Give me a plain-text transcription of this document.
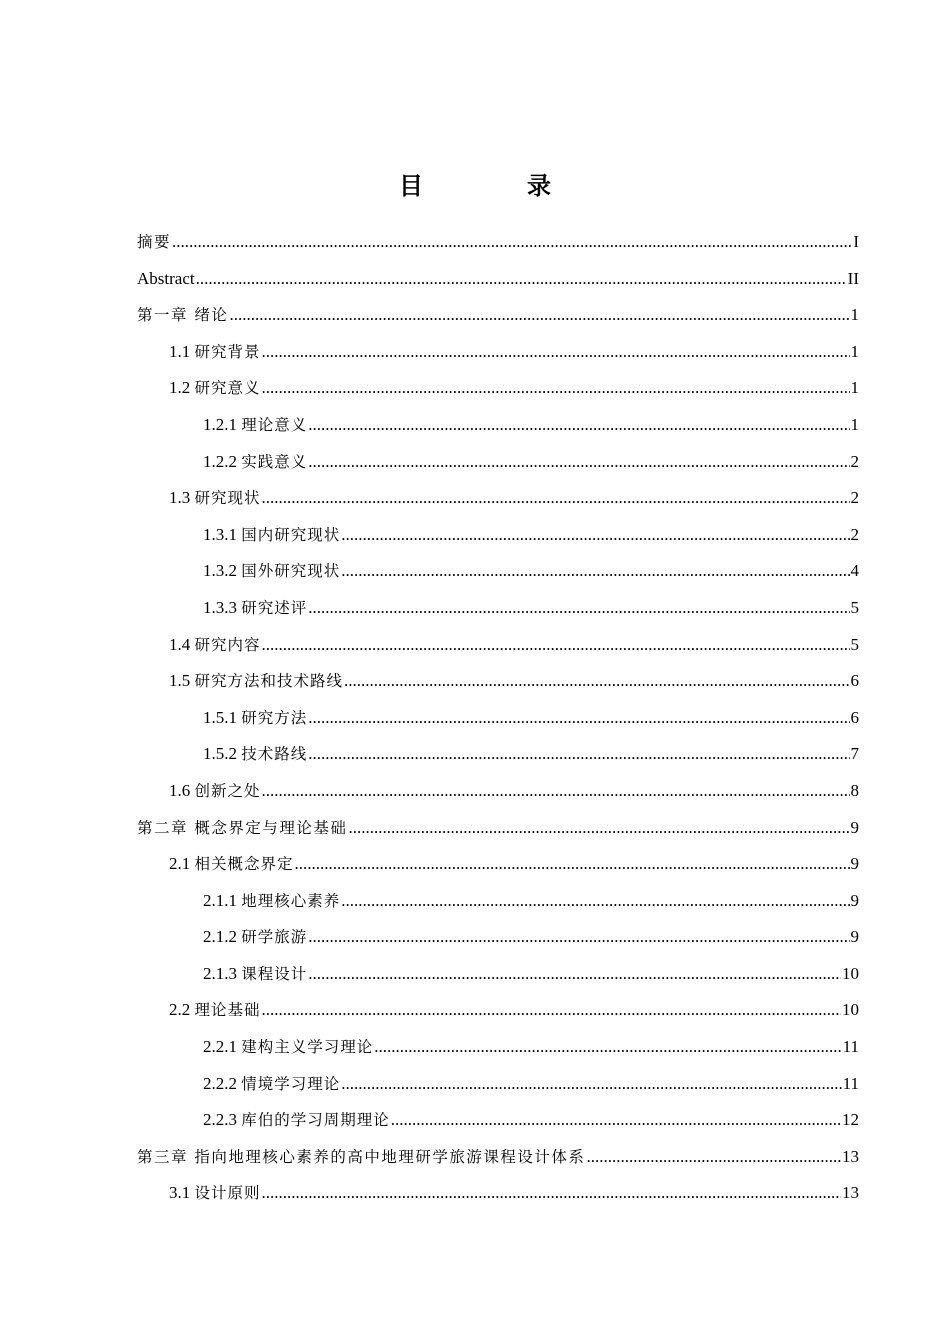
目　录
摘要 .....	I
Abstract .....	II
第一章 绪论 .....	1
1.1 研究背景 .....	1
1.2 研究意义 .....	1
1.2.1 理论意义 .....	1
1.2.2 实践意义 .....	2
1.3 研究现状 .....	2
1.3.1 国内研究现状 .....	2
1.3.2 国外研究现状 .....	4
1.3.3 研究述评 .....	5
1.4 研究内容 .....	5
1.5 研究方法和技术路线 .....	6
1.5.1 研究方法 .....	6
1.5.2 技术路线 .....	7
1.6 创新之处 .....	8
第二章 概念界定与理论基础 .....	9
2.1 相关概念界定 .....	9
2.1.1 地理核心素养 .....	9
2.1.2 研学旅游 .....	9
2.1.3 课程设计 .....	10
2.2 理论基础 .....	10
2.2.1 建构主义学习理论 .....	11
2.2.2 情境学习理论 .....	11
2.2.3 库伯的学习周期理论 .....	12
第三章 指向地理核心素养的高中地理研学旅游课程设计体系 .....	13
3.1 设计原则 .....	13
